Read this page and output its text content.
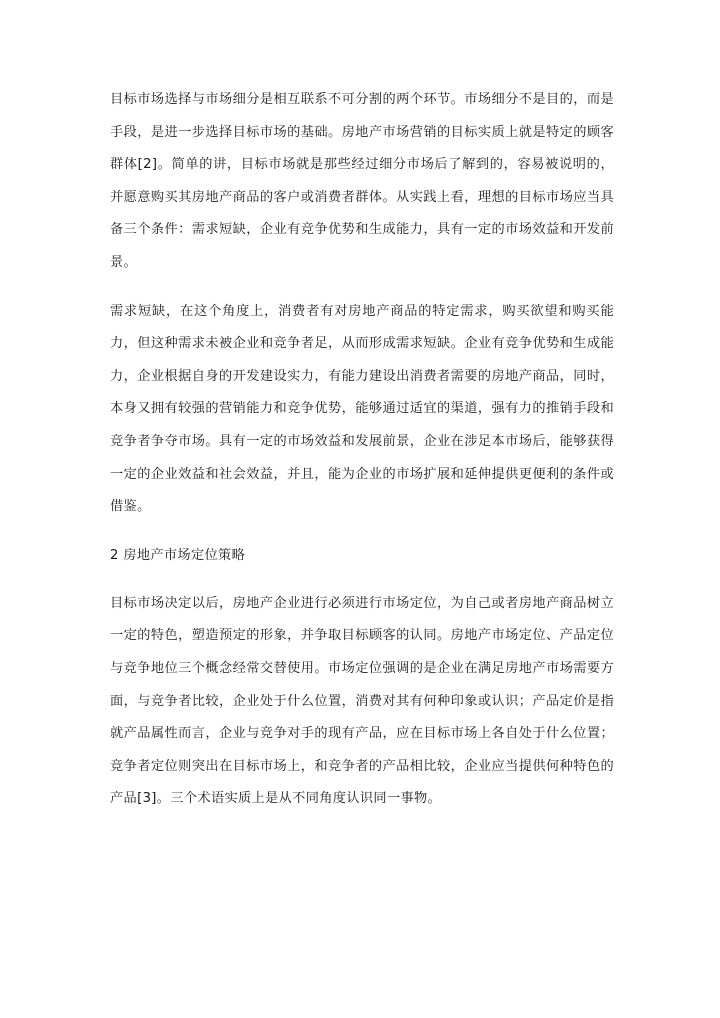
目标市场选择与市场细分是相互联系不可分割的两个环节。市场细分不是目的，而是手段，是进一步选择目标市场的基础。房地产市场营销的目标实质上就是特定的顾客群体[2]。简单的讲，目标市场就是那些经过细分市场后了解到的，容易被说明的，并愿意购买其房地产商品的客户或消费者群体。从实践上看，理想的目标市场应当具备三个条件：需求短缺，企业有竞争优势和生成能力，具有一定的市场效益和开发前景。

需求短缺，在这个角度上，消费者有对房地产商品的特定需求，购买欲望和购买能力，但这种需求未被企业和竞争者足，从而形成需求短缺。企业有竞争优势和生成能力，企业根据自身的开发建设实力，有能力建设出消费者需要的房地产商品，同时，本身又拥有较强的营销能力和竞争优势，能够通过适宜的渠道，强有力的推销手段和竞争者争夺市场。具有一定的市场效益和发展前景，企业在涉足本市场后，能够获得一定的企业效益和社会效益，并且，能为企业的市场扩展和延伸提供更便利的条件或借鉴。

2 房地产市场定位策略

目标市场决定以后，房地产企业进行必须进行市场定位，为自己或者房地产商品树立一定的特色，塑造预定的形象，并争取目标顾客的认同。房地产市场定位、产品定位与竞争地位三个概念经常交替使用。市场定位强调的是企业在满足房地产市场需要方面，与竞争者比较，企业处于什么位置，消费对其有何种印象或认识；产品定价是指就产品属性而言，企业与竞争对手的现有产品，应在目标市场上各自处于什么位置；竞争者定位则突出在目标市场上，和竞争者的产品相比较，企业应当提供何种特色的产品[3]。三个术语实质上是从不同角度认识同一事物。
